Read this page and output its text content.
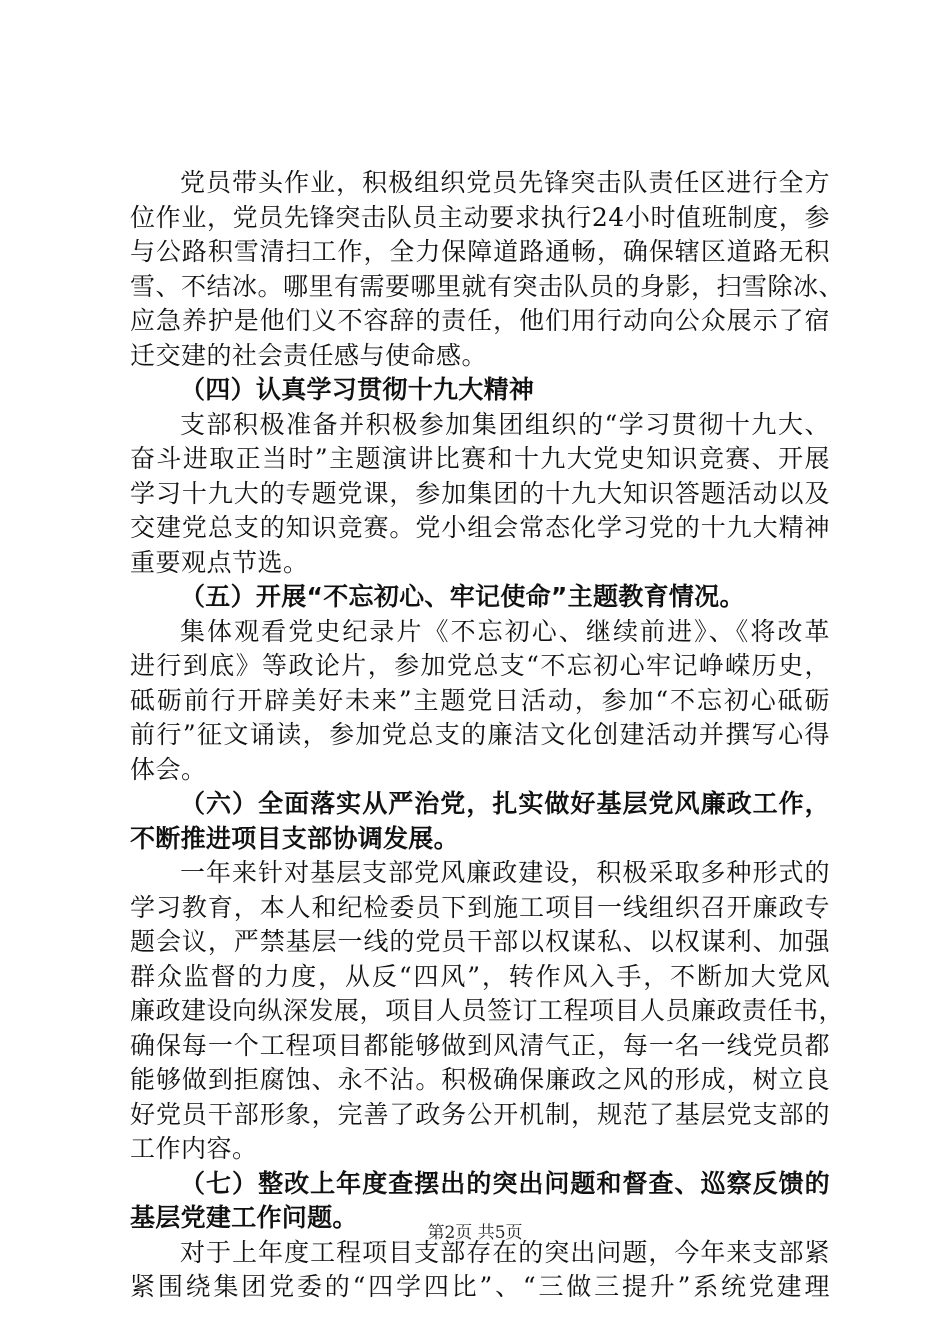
党员带头作业，积极组织党员先锋突击队责任区进行全方
位作业，党员先锋突击队员主动要求执行24小时值班制度，参
与公路积雪清扫工作，全力保障道路通畅，确保辖区道路无积
雪、不结冰。哪里有需要哪里就有突击队员的身影，扫雪除冰、
应急养护是他们义不容辞的责任，他们用行动向公众展示了宿
迁交建的社会责任感与使命感。
（四）认真学习贯彻十九大精神
支部积极准备并积极参加集团组织的“学习贯彻十九大、
奋斗进取正当时”主题演讲比赛和十九大党史知识竞赛、开展
学习十九大的专题党课，参加集团的十九大知识答题活动以及
交建党总支的知识竞赛。党小组会常态化学习党的十九大精神
重要观点节选。
（五）开展“不忘初心、牢记使命”主题教育情况。
集体观看党史纪录片《不忘初心、继续前进》、《将改革
进行到底》等政论片，参加党总支“不忘初心牢记峥嵘历史，
砥砺前行开辟美好未来”主题党日活动，参加“不忘初心砥砺
前行”征文诵读，参加党总支的廉洁文化创建活动并撰写心得
体会。
（六）全面落实从严治党，扎实做好基层党风廉政工作，
不断推进项目支部协调发展。
一年来针对基层支部党风廉政建设，积极采取多种形式的
学习教育，本人和纪检委员下到施工项目一线组织召开廉政专
题会议，严禁基层一线的党员干部以权谋私、以权谋利、加强
群众监督的力度，从反“四风”，转作风入手，不断加大党风
廉政建设向纵深发展，项目人员签订工程项目人员廉政责任书，
确保每一个工程项目都能够做到风清气正，每一名一线党员都
能够做到拒腐蚀、永不沾。积极确保廉政之风的形成，树立良
好党员干部形象，完善了政务公开机制，规范了基层党支部的
工作内容。
（七）整改上年度查摆出的突出问题和督查、巡察反馈的
基层党建工作问题。
对于上年度工程项目支部存在的突出问题，今年来支部紧
紧围绕集团党委的“四学四比”、“三做三提升”系统党建理
第2页 共5页
